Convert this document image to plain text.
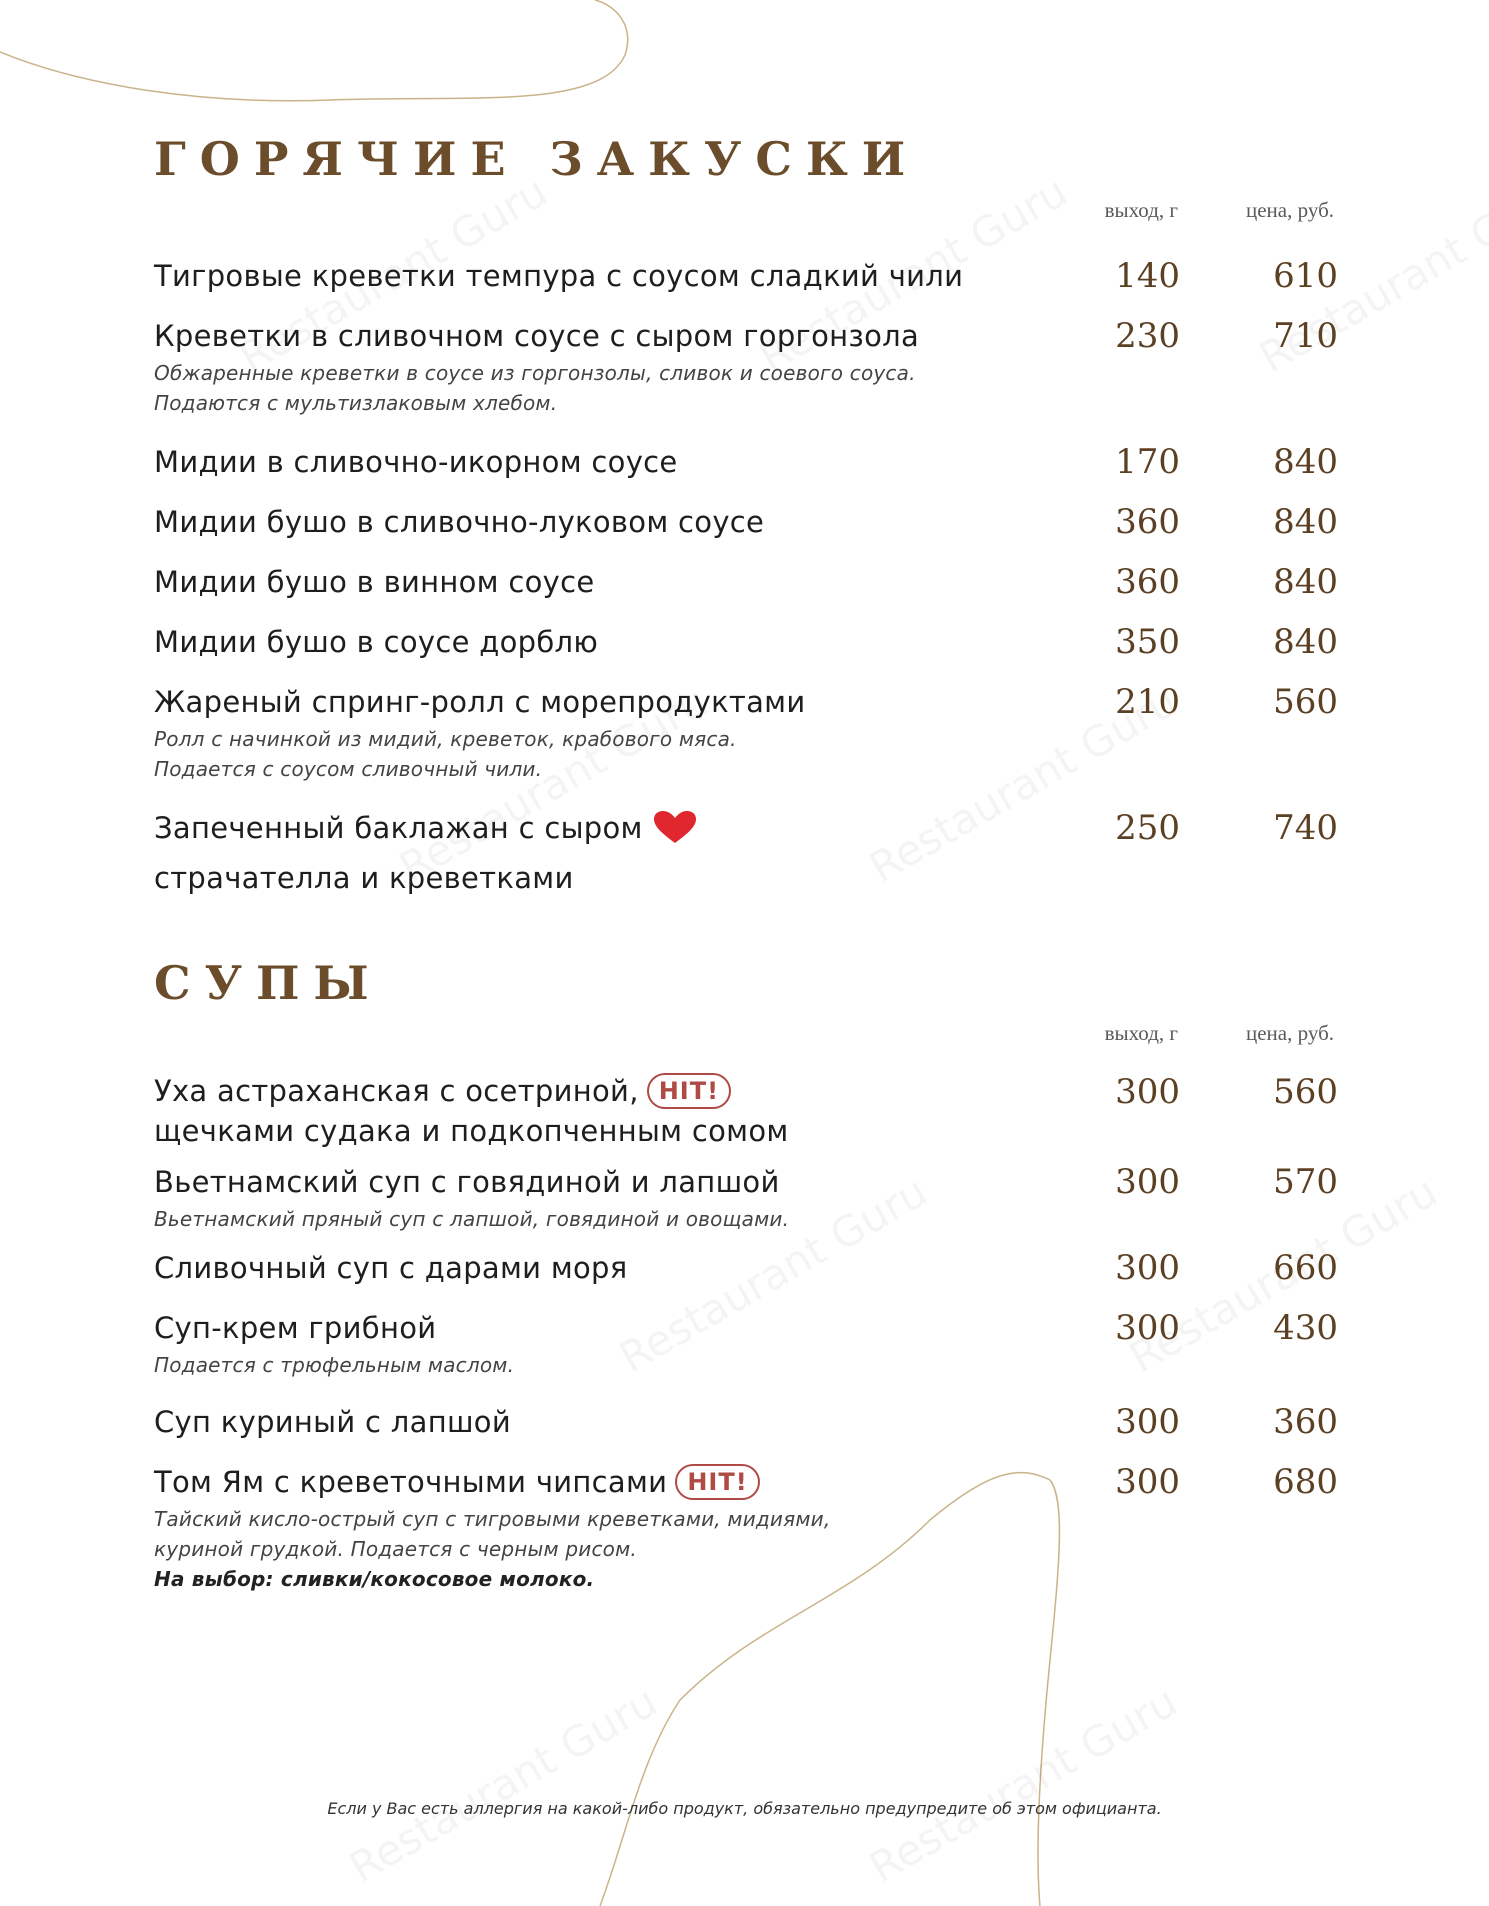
ГОРЯЧИЕ ЗАКУСКИ
выход, г	цена, руб.
Тигровые креветки темпура с соусом сладкий чили	140	610
Креветки в сливочном соусе с сыром горгонзола
Обжаренные креветки в соусе из горгонзолы, сливок и соевого соуса.
Подаются с мультизлаковым хлебом.
230	710
Мидии в сливочно-икорном соусе	170	840
Мидии бушо в сливочно-луковом соусе	360	840
Мидии бушо в винном соусе	360	840
Мидии бушо в соусе дорблю	350	840
Жареный спринг-ролл с морепродуктами
Ролл с начинкой из мидий, креветок, крабового мяса.
Подается с соусом сливочный чили.
210	560
Запеченный баклажан с сыром
страчателла и креветками
250	740
СУПЫ
выход, г	цена, руб.
Уха астраханская с осетриной, HIT!
щечками судака и подкопченным сомом
300	560
Вьетнамский суп с говядиной и лапшой
Вьетнамский пряный суп с лапшой, говядиной и овощами.
300	570
Сливочный суп с дарами моря	300	660
Суп-крем грибной
Подается с трюфельным маслом.
300	430
Суп куриный с лапшой	300	360
Том Ям с креветочными чипсами HIT!
Тайский кисло-острый суп с тигровыми креветками, мидиями,
куриной грудкой. Подается с черным рисом.
На выбор: сливки/кокосовое молоко.
300	680
Если у Вас есть аллергия на какой-либо продукт, обязательно предупредите об этом официанта.
